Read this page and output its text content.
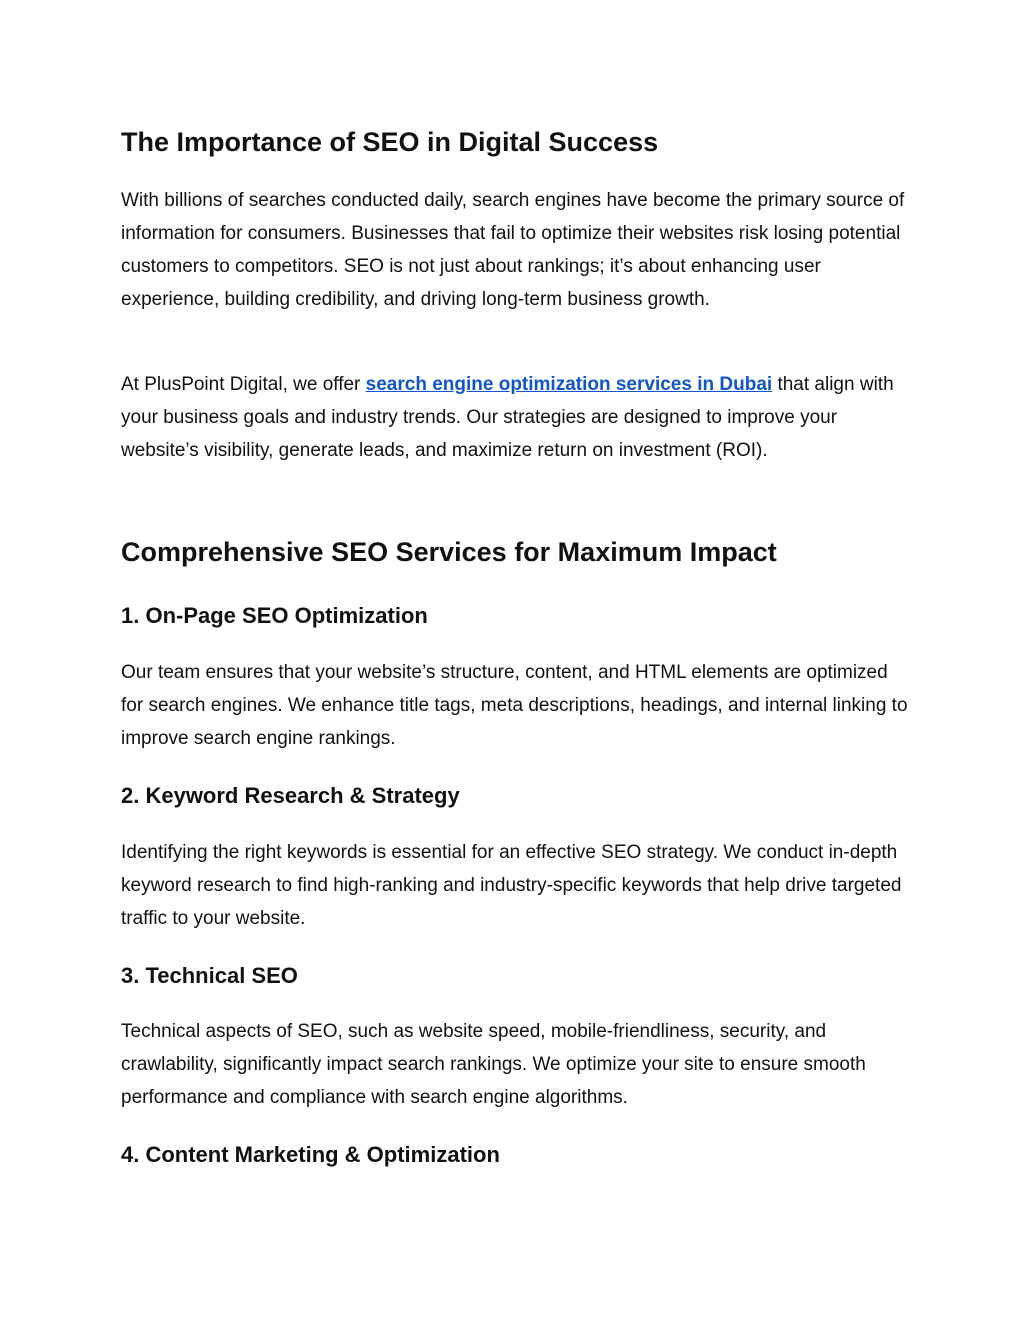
The Importance of SEO in Digital Success

With billions of searches conducted daily, search engines have become the primary source of information for consumers. Businesses that fail to optimize their websites risk losing potential customers to competitors. SEO is not just about rankings; it’s about enhancing user experience, building credibility, and driving long-term business growth.

At PlusPoint Digital, we offer search engine optimization services in Dubai that align with your business goals and industry trends. Our strategies are designed to improve your website’s visibility, generate leads, and maximize return on investment (ROI).

Comprehensive SEO Services for Maximum Impact
1. On-Page SEO Optimization

Our team ensures that your website’s structure, content, and HTML elements are optimized for search engines. We enhance title tags, meta descriptions, headings, and internal linking to improve search engine rankings.

2. Keyword Research & Strategy

Identifying the right keywords is essential for an effective SEO strategy. We conduct in-depth keyword research to find high-ranking and industry-specific keywords that help drive targeted traffic to your website.

3. Technical SEO

Technical aspects of SEO, such as website speed, mobile-friendliness, security, and crawlability, significantly impact search rankings. We optimize your site to ensure smooth performance and compliance with search engine algorithms.

4. Content Marketing & Optimization
